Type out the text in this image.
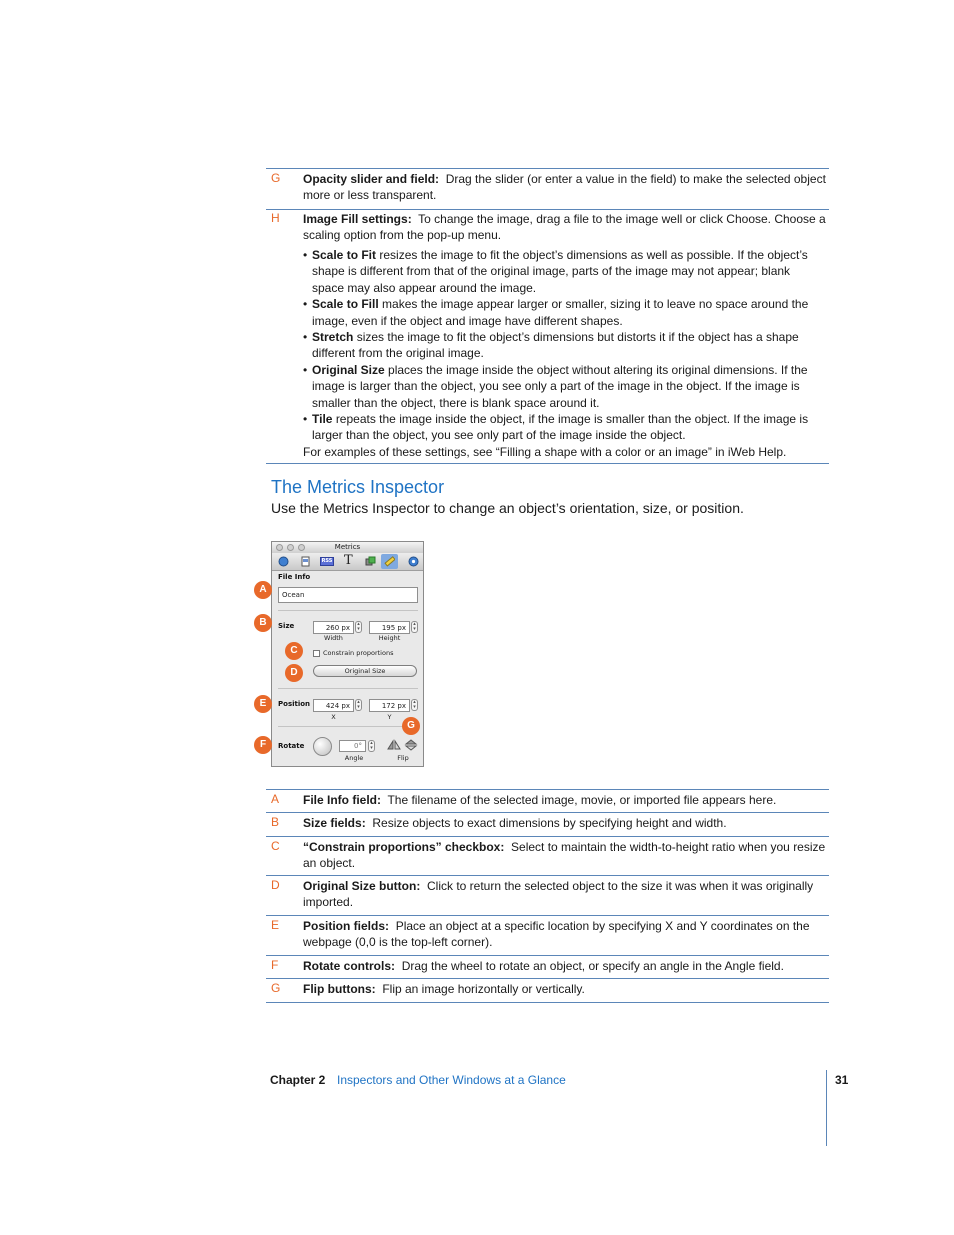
G Opacity slider and field: Drag the slider (or enter a value in the field) to make the selected object more or less transparent.
H Image Fill settings: To change the image, drag a file to the image well or click Choose. Choose a scaling option from the pop-up menu.
• Scale to Fit resizes the image to fit the object’s dimensions as well as possible. If the object’s shape is different from that of the original image, parts of the image may not appear; blank space may also appear around the image.
• Scale to Fill makes the image appear larger or smaller, sizing it to leave no space around the image, even if the object and image have different shapes.
• Stretch sizes the image to fit the object’s dimensions but distorts it if the object has a shape different from the original image.
• Original Size places the image inside the object without altering its original dimensions. If the image is larger than the object, you see only a part of the image in the object. If the image is smaller than the object, there is blank space around it.
• Tile repeats the image inside the object, if the image is smaller than the object. If the image is larger than the object, you see only part of the image inside the object.
For examples of these settings, see “Filling a shape with a color or an image” in iWeb Help.
The Metrics Inspector
Use the Metrics Inspector to change an object’s orientation, size, or position.
Metrics
RSS T
File Info
Ocean
Size	260 px	▴
▾	195 px	▴
▾
Width	Height
Constrain proportions
Original Size
Position	424 px	▴
▾	172 px	▴
▾
X	Y
Rotate	0°	▴
▾
Angle	Flip
A
B
C
D
E
F
G
A File Info field: The filename of the selected image, movie, or imported file appears here.
B Size fields: Resize objects to exact dimensions by specifying height and width.
C “Constrain proportions” checkbox: Select to maintain the width-to-height ratio when you resize an object.
D Original Size button: Click to return the selected object to the size it was when it was originally imported.
E Position fields: Place an object at a specific location by specifying X and Y coordinates on the webpage (0,0 is the top-left corner).
F Rotate controls: Drag the wheel to rotate an object, or specify an angle in the Angle field.
G Flip buttons: Flip an image horizontally or vertically.
Chapter 2 Inspectors and Other Windows at a Glance	31
